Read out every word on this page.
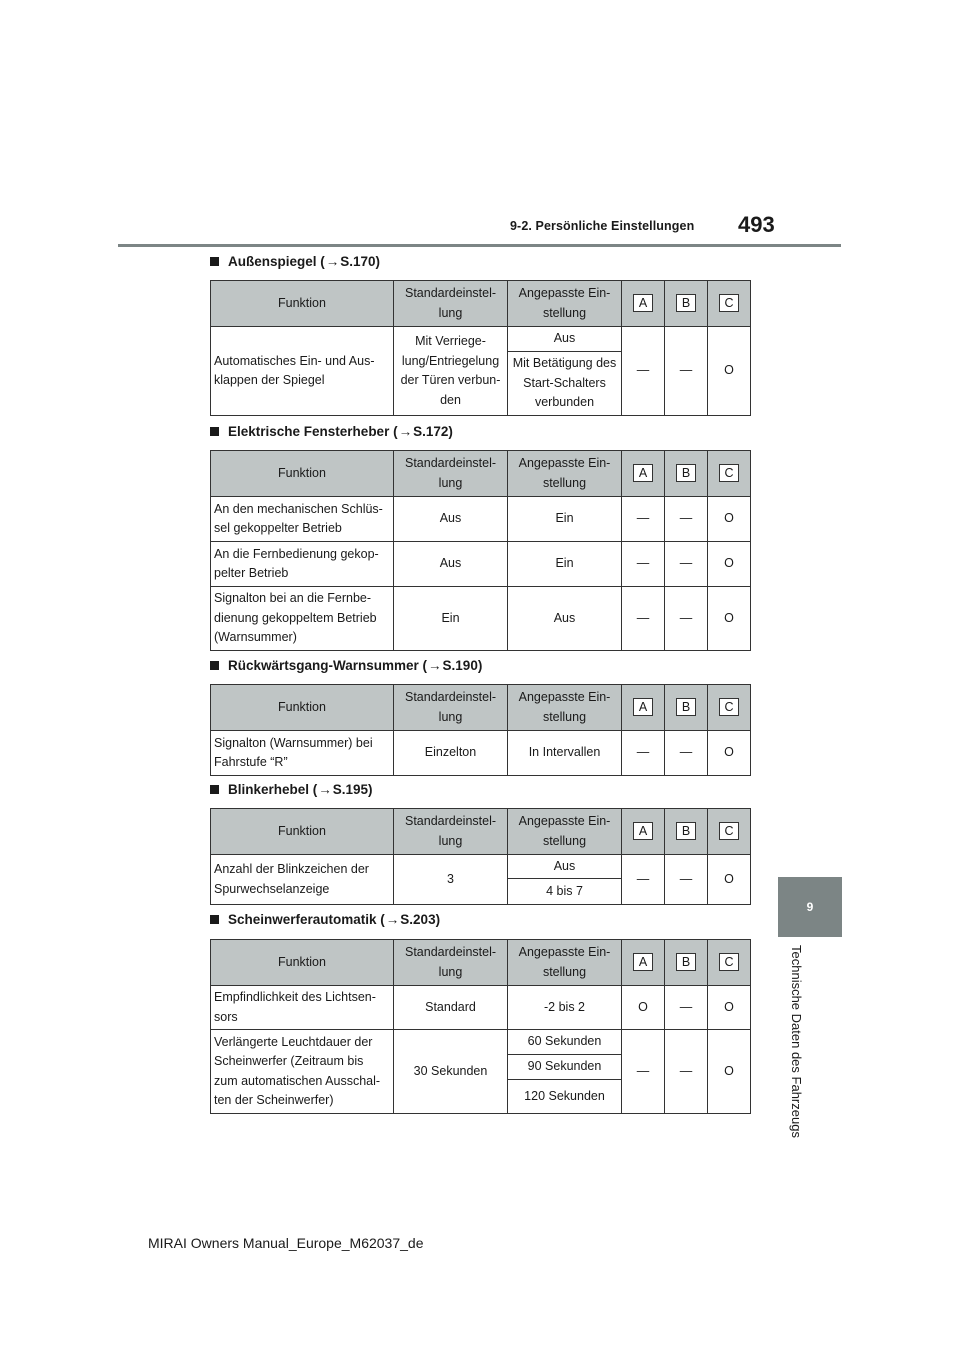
9-2. Persönliche Einstellungen 493
9
Technische Daten des Fahrzeugs
Außenspiegel ( → S.170)
Funktion	Standardeinstel-lung	Angepasste Ein-stellung	A	B	C
Automatisches Ein- und Aus-klappen der Spiegel	Mit Verriege-lung/Entriegelung der Türen verbun-den	Aus	—	—	O
		Mit Betätigung des Start-Schalters verbunden			
Elektrische Fensterheber ( → S.172)
Funktion	Standardeinstel-lung	Angepasste Ein-stellung	A	B	C
An den mechanischen Schlüs-sel gekoppelter Betrieb	Aus	Ein	—	—	O
An die Fernbedienung gekop-pelter Betrieb	Aus	Ein	—	—	O
Signalton bei an die Fernbe-dienung gekoppeltem Betrieb (Warnsummer)	Ein	Aus	—	—	O
Rückwärtsgang-Warnsummer ( → S.190)
Funktion	Standardeinstel-lung	Angepasste Ein-stellung	A	B	C
Signalton (Warnsummer) bei Fahrstufe “R”	Einzelton	In Intervallen	—	—	O
Blinkerhebel ( → S.195)
Funktion	Standardeinstel-lung	Angepasste Ein-stellung	A	B	C
Anzahl der Blinkzeichen der Spurwechselanzeige	3	Aus	—	—	O
		4 bis 7			
Scheinwerferautomatik ( → S.203)
Funktion	Standardeinstel-lung	Angepasste Ein-stellung	A	B	C
Empfindlichkeit des Lichtsen-sors	Standard	-2 bis 2	O	—	O
Verlängerte Leuchtdauer der Scheinwerfer (Zeitraum bis zum automatischen Ausschal-ten der Scheinwerfer)	30 Sekunden	60 Sekunden	—	—	O
		90 Sekunden			
		120 Sekunden			
MIRAI Owners Manual_Europe_M62037_de
